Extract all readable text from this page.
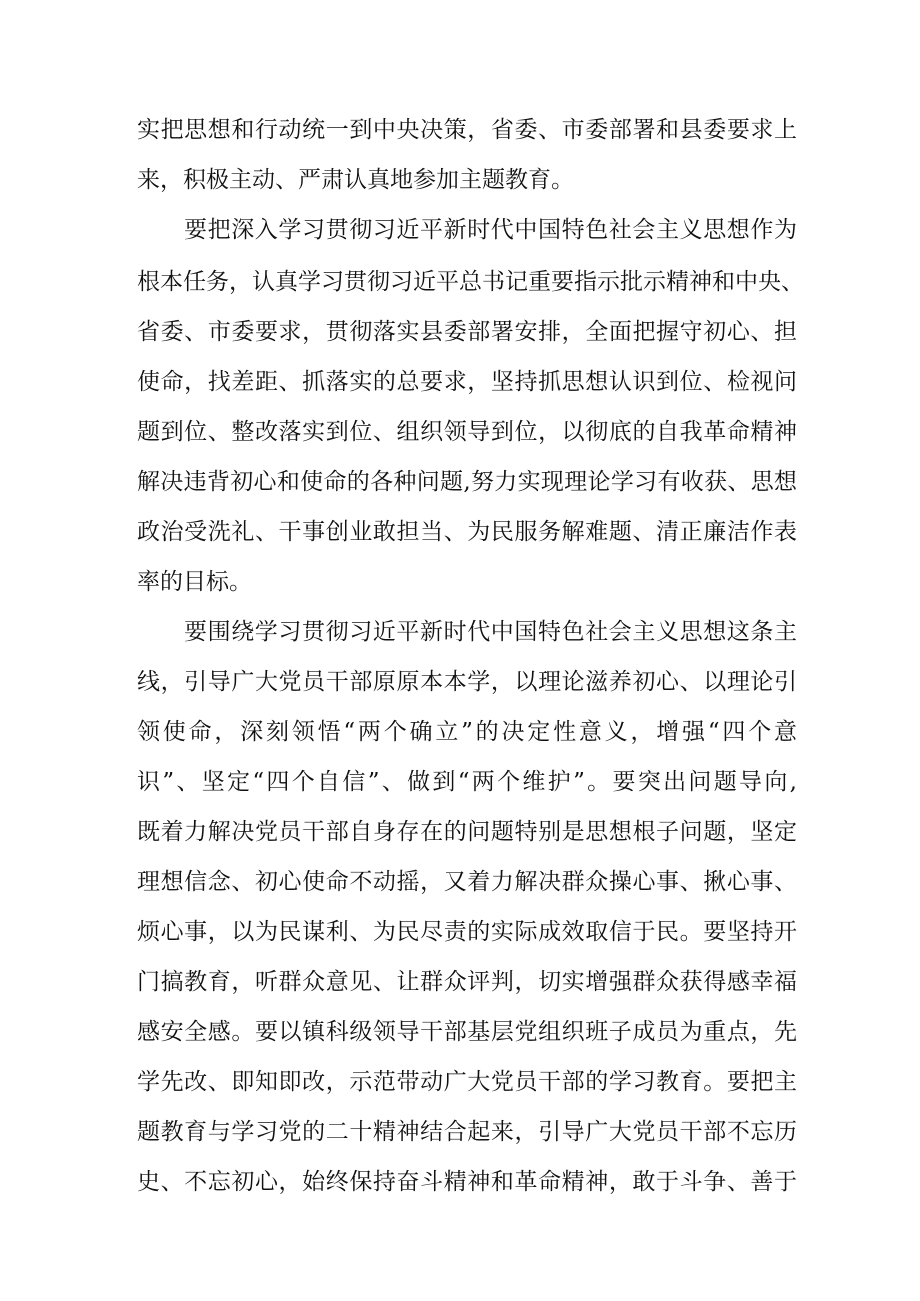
实把思想和行动统一到中央决策，省委、市委部署和县委要求上
来，积极主动、严肃认真地参加主题教育。
要把深入学习贯彻习近平新时代中国特色社会主义思想作为
根本任务，认真学习贯彻习近平总书记重要指示批示精神和中央、
省委、市委要求，贯彻落实县委部署安排，全面把握守初心、担
使命，找差距、抓落实的总要求，坚持抓思想认识到位、检视问
题到位、整改落实到位、组织领导到位，以彻底的自我革命精神
解决违背初心和使命的各种问题,努力实现理论学习有收获、思想
政治受洗礼、干事创业敢担当、为民服务解难题、清正廉洁作表
率的目标。
要围绕学习贯彻习近平新时代中国特色社会主义思想这条主
线，引导广大党员干部原原本本学，以理论滋养初心、以理论引
领使命，深刻领悟“两个确立”的决定性意义，增强“四个意
识”、坚定“四个自信”、做到“两个维护”。要突出问题导向,
既着力解决党员干部自身存在的问题特别是思想根子问题，坚定
理想信念、初心使命不动摇，又着力解决群众操心事、揪心事、
烦心事，以为民谋利、为民尽责的实际成效取信于民。要坚持开
门搞教育，听群众意见、让群众评判，切实增强群众获得感幸福
感安全感。要以镇科级领导干部基层党组织班子成员为重点，先
学先改、即知即改，示范带动广大党员干部的学习教育。要把主
题教育与学习党的二十精神结合起来，引导广大党员干部不忘历
史、不忘初心，始终保持奋斗精神和革命精神，敢于斗争、善于
